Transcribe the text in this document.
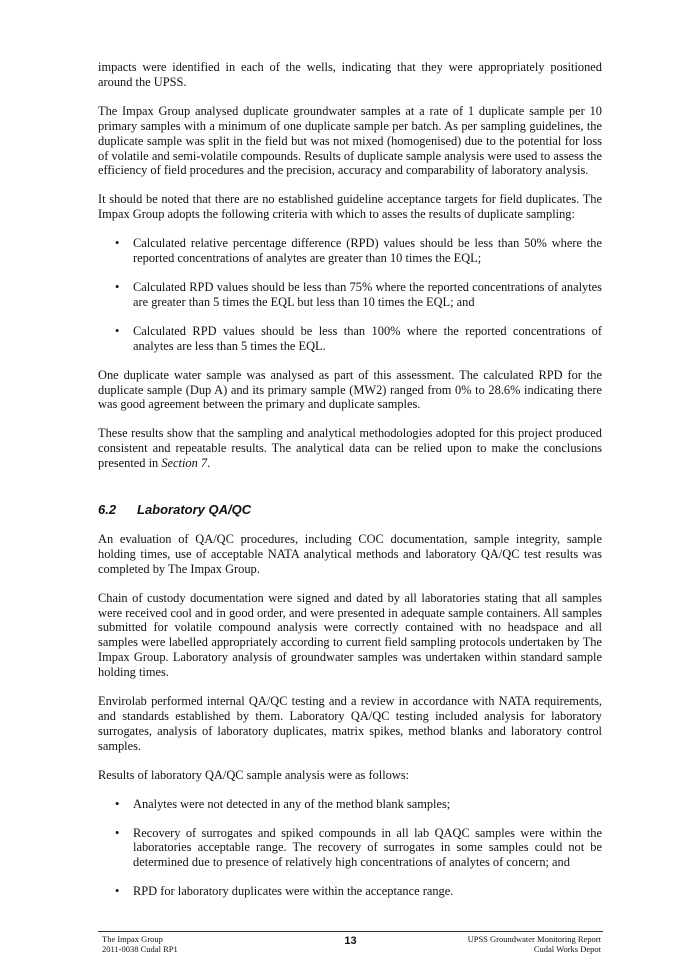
impacts were identified in each of the wells, indicating that they were appropriately positioned around the UPSS.

The Impax Group analysed duplicate groundwater samples at a rate of 1 duplicate sample per 10 primary samples with a minimum of one duplicate sample per batch. As per sampling guidelines, the duplicate sample was split in the field but was not mixed (homogenised) due to the potential for loss of volatile and semi-volatile compounds. Results of duplicate sample analysis were used to assess the efficiency of field procedures and the precision, accuracy and comparability of laboratory analysis.

It should be noted that there are no established guideline acceptance targets for field duplicates. The Impax Group adopts the following criteria with which to asses the results of duplicate sampling:

• Calculated relative percentage difference (RPD) values should be less than 50% where the reported concentrations of analytes are greater than 10 times the EQL;
• Calculated RPD values should be less than 75% where the reported concentrations of analytes are greater than 5 times the EQL but less than 10 times the EQL; and
• Calculated RPD values should be less than 100% where the reported concentrations of analytes are less than 5 times the EQL.

One duplicate water sample was analysed as part of this assessment. The calculated RPD for the duplicate sample (Dup A) and its primary sample (MW2) ranged from 0% to 28.6% indicating there was good agreement between the primary and duplicate samples.

These results show that the sampling and analytical methodologies adopted for this project produced consistent and repeatable results. The analytical data can be relied upon to make the conclusions presented in Section 7.

6.2 Laboratory QA/QC

An evaluation of QA/QC procedures, including COC documentation, sample integrity, sample holding times, use of acceptable NATA analytical methods and laboratory QA/QC test results was completed by The Impax Group.

Chain of custody documentation were signed and dated by all laboratories stating that all samples were received cool and in good order, and were presented in adequate sample containers. All samples submitted for volatile compound analysis were correctly contained with no headspace and all samples were labelled appropriately according to current field sampling protocols undertaken by The Impax Group. Laboratory analysis of groundwater samples was undertaken within standard sample holding times.

Envirolab performed internal QA/QC testing and a review in accordance with NATA requirements, and standards established by them. Laboratory QA/QC testing included analysis for laboratory surrogates, analysis of laboratory duplicates, matrix spikes, method blanks and laboratory control samples.

Results of laboratory QA/QC sample analysis were as follows:

• Analytes were not detected in any of the method blank samples;
• Recovery of surrogates and spiked compounds in all lab QAQC samples were within the laboratories acceptable range. The recovery of surrogates in some samples could not be determined due to presence of relatively high concentrations of analytes of concern; and
• RPD for laboratory duplicates were within the acceptance range.
The Impax Group
2011-0038 Cudal RP1
13	UPSS Groundwater Monitoring Report
Cudal Works Depot
